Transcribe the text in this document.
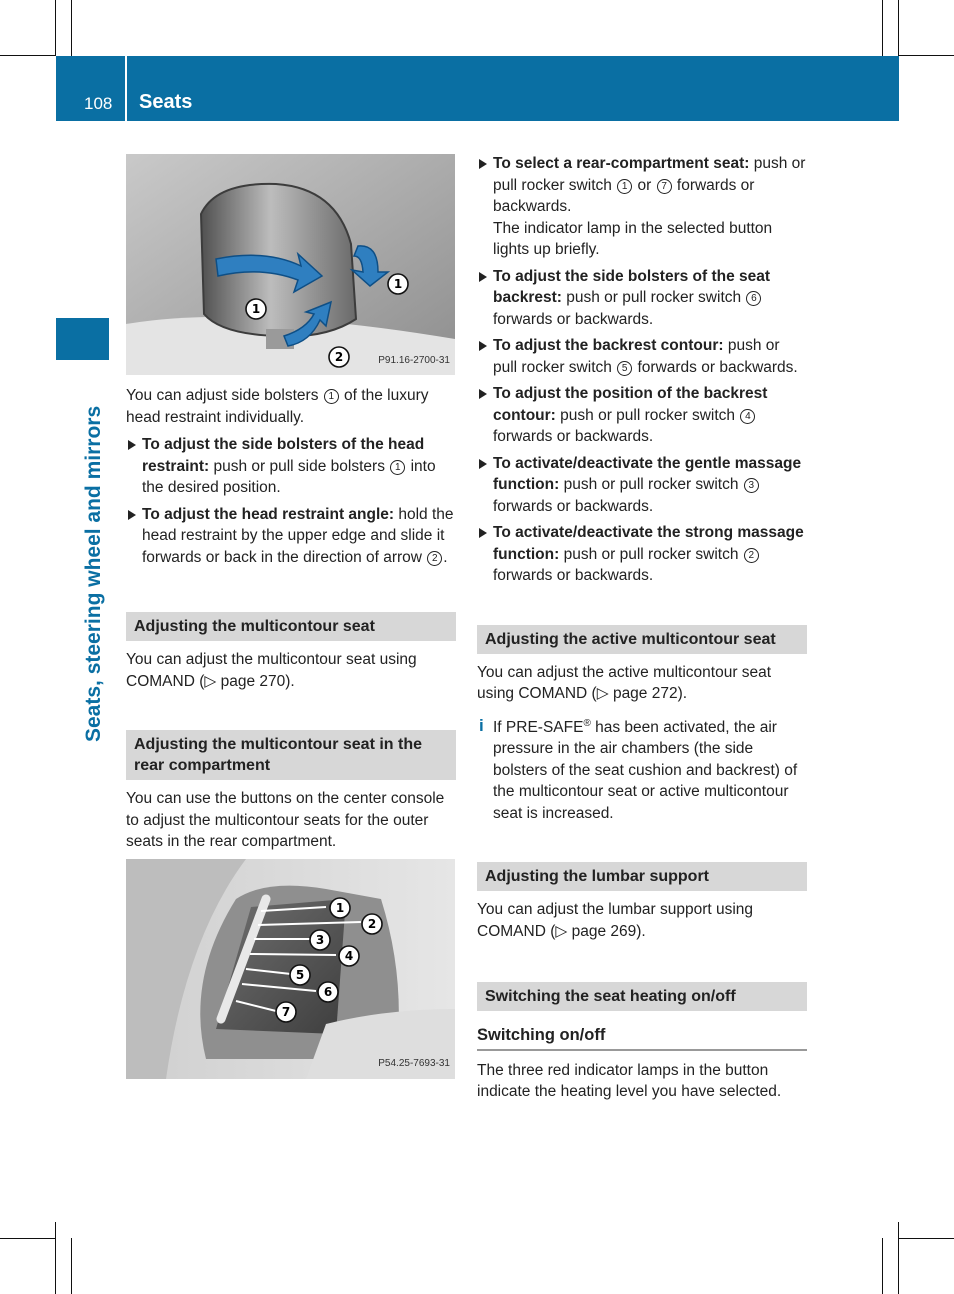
108 Seats
Seats, steering wheel and mirrors
1
1
2	P91.16-2700-31

You can adjust side bolsters 1 of the luxury head restraint individually.

To adjust the side bolsters of the head restraint: push or pull side bolsters 1 into the desired position.
To adjust the head restraint angle: hold the head restraint by the upper edge and slide it forwards or back in the direction of arrow 2 .
Adjusting the multicontour seat

You can adjust the multicontour seat using COMAND (▷ page 270).

Adjusting the multicontour seat in the rear compartment

You can use the buttons on the center console to adjust the multicontour seats for the outer seats in the rear compartment.

1
2
3
4
5
6
7
P54.25-7693-31
To select a rear-compartment seat: push or pull rocker switch 1 or 7 forwards or backwards.
The indicator lamp in the selected button lights up briefly.
To adjust the side bolsters of the seat backrest: push or pull rocker switch 6 forwards or backwards.
To adjust the backrest contour: push or pull rocker switch 5 forwards or backwards.
To adjust the position of the backrest contour: push or pull rocker switch 4 forwards or backwards.
To activate/deactivate the gentle massage function: push or pull rocker switch 3 forwards or backwards.
To activate/deactivate the strong massage function: push or pull rocker switch 2 forwards or backwards.
Adjusting the active multicontour seat

You can adjust the active multicontour seat using COMAND (▷ page 272).

i If PRE-SAFE® has been activated, the air pressure in the air chambers (the side bolsters of the seat cushion and backrest) of the multicontour seat or active multicontour seat is increased.
Adjusting the lumbar support

You can adjust the lumbar support using COMAND (▷ page 269).

Switching the seat heating on/off
Switching on/off

The three red indicator lamps in the button indicate the heating level you have selected.
